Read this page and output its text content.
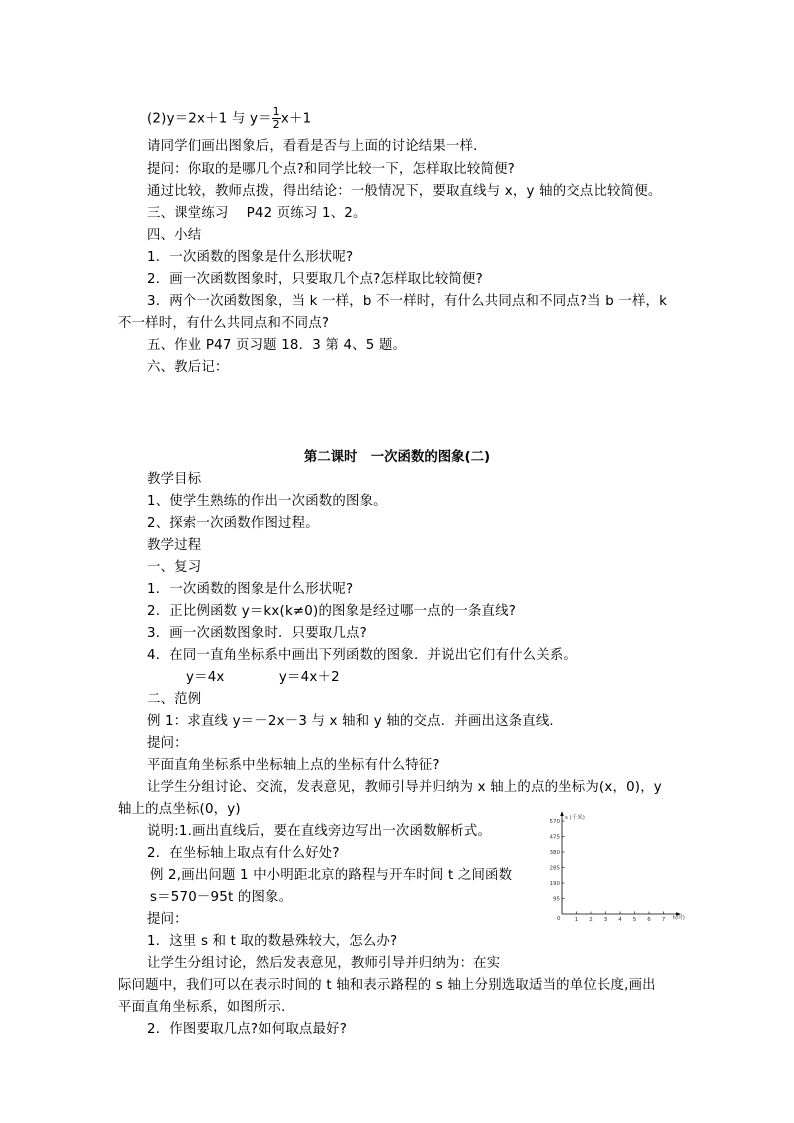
(2)y＝2x＋1 与 $y= \frac{1}{2} x+1$
请同学们画出图象后，看看是否与上面的讨论结果一样．
提问：你取的是哪几个点?和同学比较一下，怎样取比较简便?
通过比较，教师点拨，得出结论：一般情况下，要取直线与 x，y 轴的交点比较简便。
三、课堂练习　 P42 页练习 1、2。
四、小结
1．一次函数的图象是什么形状呢?
2．画一次函数图象时，只要取几个点?怎样取比较简便?
3．两个一次函数图象，当 k 一样，b 不一样时，有什么共同点和不同点?当 b 一样，k
不一样时，有什么共同点和不同点?
五、作业 P47 页习题 18．3 第 4、5 题。
六、教后记：
第二课时　一次函数的图象(二)
教学目标
1、使学生熟练的作出一次函数的图象。
2、探索一次函数作图过程。
教学过程
一、复习
1．一次函数的图象是什么形状呢?
2．正比例函数 y＝kx(k≠0)的图象是经过哪一点的一条直线?
3．画一次函数图象时．只要取几点?
4．在同一直角坐标系中画出下列函数的图象．并说出它们有什么关系。
y＝4x　　　　y＝4x＋2
二、范例
例 1：求直线 y＝－2x－3 与 x 轴和 y 轴的交点．并画出这条直线．
提问：
平面直角坐标系中坐标轴上点的坐标有什么特征?
让学生分组讨论、交流，发表意见，教师引导并归纳为 x 轴上的点的坐标为(x，0)，y
轴上的点坐标(0，y)
说明:1.画出直线后，要在直线旁边写出一次函数解析式。
2．在坐标轴上取点有什么好处?
例 2,画出问题 1 中小明距北京的路程与开车时间 t 之间函数
s＝570－95t 的图象。
提问：
1．这里 s 和 t 取的数悬殊较大，怎么办?
让学生分组讨论，然后发表意见，教师引导并归纳为：在实
际问题中，我们可以在表示时间的 t 轴和表示路程的 s 轴上分别选取适当的单位长度,画出
平面直角坐标系，如图所示．
2．作图要取几点?如何取点最好?
s (千米)
t(时)
0
95
190
285
380
475
570
1 2 3 4 5 6 7
